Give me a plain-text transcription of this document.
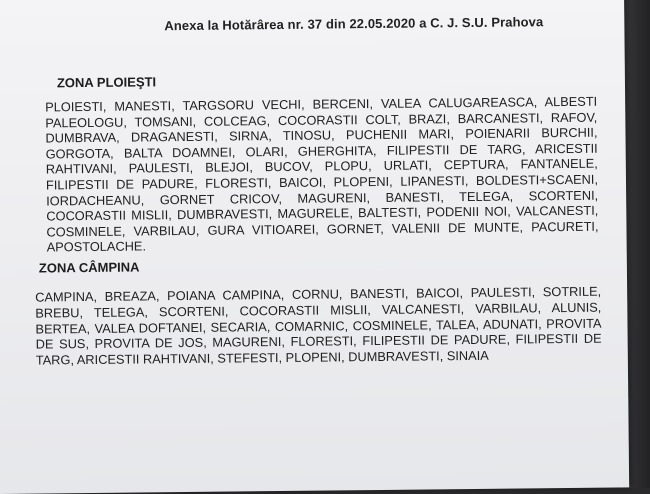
Anexa la Hotărârea nr. 37 din 22.05.2020 a C. J. S.U. Prahova
ZONA PLOIEŞTI
PLOIESTI, MANESTI, TARGSORU VECHI, BERCENI, VALEA CALUGAREASCA, ALBESTI PALEOLOGU, TOMSANI, COLCEAG, COCORASTII COLT, BRAZI, BARCANESTI, RAFOV, DUMBRAVA, DRAGANESTI, SIRNA, TINOSU, PUCHENII MARI, POIENARII BURCHII, GORGOTA, BALTA DOAMNEI, OLARI, GHERGHITA, FILIPESTII DE TARG, ARICESTII RAHTIVANI, PAULESTI, BLEJOI, BUCOV, PLOPU, URLATI, CEPTURA, FANTANELE, FILIPESTII DE PADURE, FLORESTI, BAICOI, PLOPENI, LIPANESTI, BOLDESTI+SCAENI, IORDACHEANU, GORNET CRICOV, MAGURENI, BANESTI, TELEGA, SCORTENI, COCORASTII MISLII, DUMBRAVESTI, MAGURELE, BALTESTI, PODENII NOI, VALCANESTI, COSMINELE, VARBILAU, GURA VITIOAREI, GORNET, VALENII DE MUNTE, PACURETI, APOSTOLACHE.
ZONA CÂMPINA
CAMPINA, BREAZA, POIANA CAMPINA, CORNU, BANESTI, BAICOI, PAULESTI, SOTRILE, BREBU, TELEGA, SCORTENI, COCORASTII MISLII, VALCANESTI, VARBILAU, ALUNIS, BERTEA, VALEA DOFTANEI, SECARIA, COMARNIC, COSMINELE, TALEA, ADUNATI, PROVITA DE SUS, PROVITA DE JOS, MAGURENI, FLORESTI, FILIPESTII DE PADURE, FILIPESTII DE TARG, ARICESTII RAHTIVANI, STEFESTI, PLOPENI, DUMBRAVESTI, SINAIA
